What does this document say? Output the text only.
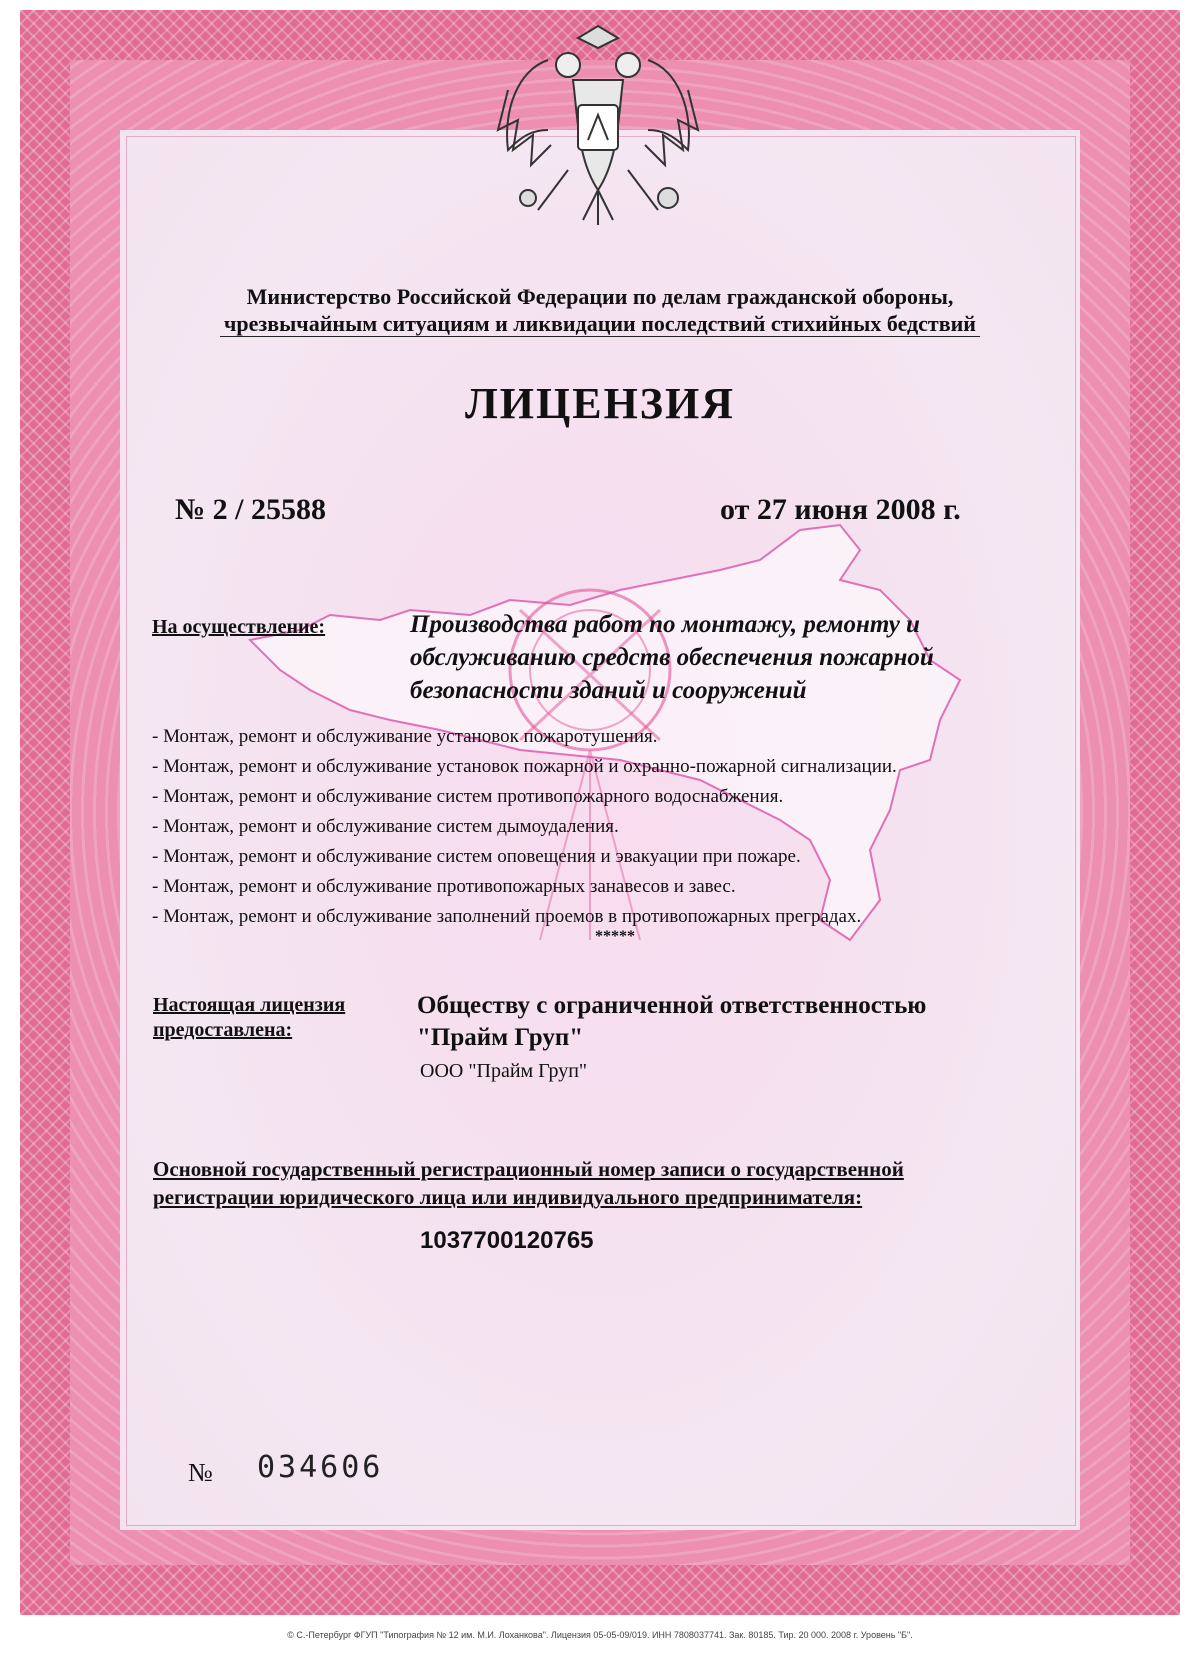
Министерство Российской Федерации по делам гражданской обороны,
чрезвычайным ситуациям и ликвидации последствий стихийных бедствий
ЛИЦЕНЗИЯ
№ 2 / 25588	от 27 июня 2008 г.
На осуществление:	Производства работ по монтажу, ремонту и
обслуживанию средств обеспечения пожарной
безопасности зданий и сооружений
- Монтаж, ремонт и обслуживание установок пожаротушения.
- Монтаж, ремонт и обслуживание установок пожарной и охранно-пожарной сигнализации.
- Монтаж, ремонт и обслуживание систем противопожарного водоснабжения.
- Монтаж, ремонт и обслуживание систем дымоудаления.
- Монтаж, ремонт и обслуживание систем оповещения и эвакуации при пожаре.
- Монтаж, ремонт и обслуживание противопожарных занавесов и завес.
- Монтаж, ремонт и обслуживание заполнений проемов в противопожарных преградах.
*****
Настоящая лицензия
предоставлена:
Обществу с ограниченной ответственностью
"Прайм Груп"
ООО "Прайм Груп"
Основной государственный регистрационный номер записи о государственной
регистрации юридического лица или индивидуального предпринимателя:
1037700120765
№ 034606
© С.-Петербург ФГУП "Типография № 12 им. М.И. Лоханкова". Лицензия 05-05-09/019. ИНН 7808037741. Зак. 80185. Тир. 20 000. 2008 г. Уровень "Б".
